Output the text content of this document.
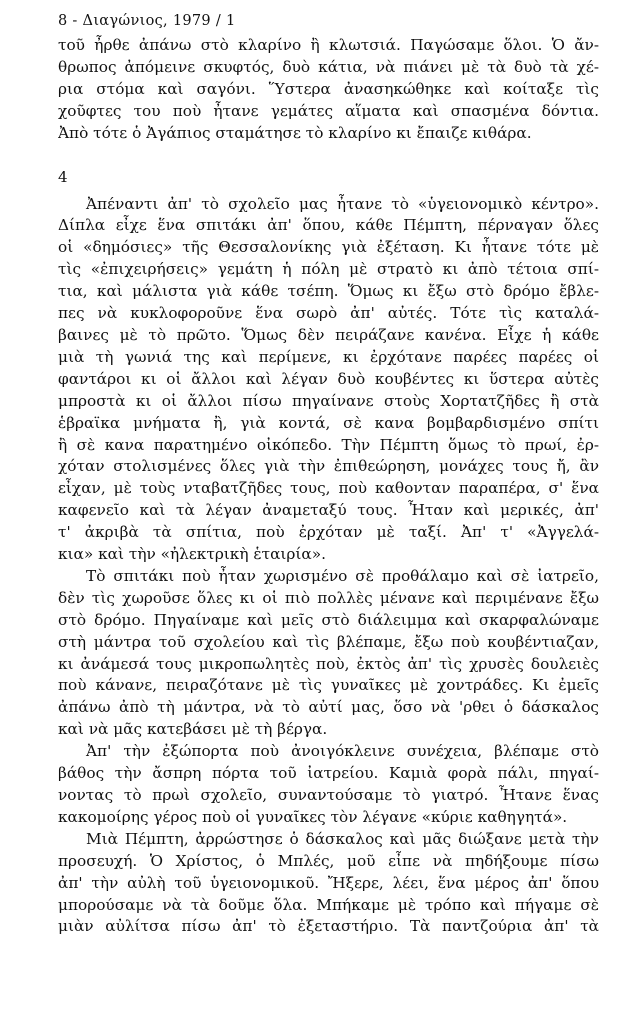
8 - Διαγώνιος, 1979 / 1
τοῦ ἦρθε ἀπάνω στὸ κλαρίνο ἢ κλωτσιά. Παγώσαμε ὅλοι. Ὁ ἄν-
θρωπος ἀπόμεινε σκυφτός, δυὸ κάτια, νὰ πιάνει μὲ τὰ δυὸ τὰ χέ-
ρια στόμα καὶ σαγόνι. Ὕστερα ἀνασηκώθηκε καὶ κοίταξε τὶς
χοῦφτες του ποὺ ἦτανε γεμάτες αἵματα καὶ σπασμένα δόντια.
Ἀπὸ τότε ὁ Ἀγάπιος σταμάτησε τὸ κλαρίνο κι ἔπαιζε κιθάρα.
4
Ἀπέναντι ἀπ' τὸ σχολεῖο μας ἦτανε τὸ «ὑγειονομικὸ κέντρο».
Δίπλα εἶχε ἕνα σπιτάκι ἀπ' ὅπου, κάθε Πέμπτη, πέρναγαν ὅλες
οἱ «δημόσιες» τῆς Θεσσαλονίκης γιὰ ἐξέταση. Κι ἦτανε τότε μὲ
τὶς «ἐπιχειρήσεις» γεμάτη ἡ πόλη μὲ στρατὸ κι ἀπὸ τέτοια σπί-
τια, καὶ μάλιστα γιὰ κάθε τσέπη. Ὅμως κι ἔξω στὸ δρόμο ἔβλε-
πες νὰ κυκλοφοροῦνε ἕνα σωρὸ ἀπ' αὐτές. Τότε τὶς καταλά-
βαινες μὲ τὸ πρῶτο. Ὅμως δὲν πειράζανε κανένα. Εἶχε ἡ κάθε
μιὰ τὴ γωνιά της καὶ περίμενε, κι ἐρχότανε παρέες παρέες οἱ
φαντάροι κι οἱ ἄλλοι καὶ λέγαν δυὸ κουβέντες κι ὕστερα αὐτὲς
μπροστὰ κι οἱ ἄλλοι πίσω πηγαίνανε στοὺς Χορτατζῆδες ἢ στὰ
ἑβραϊκα μνήματα ἢ, γιὰ κοντά, σὲ κανα βομβαρδισμένο σπίτι
ἢ σὲ κανα παρατημένο οἰκόπεδο. Τὴν Πέμπτη ὅμως τὸ πρωί, ἐρ-
χόταν στολισμένες ὅλες γιὰ τὴν ἐπιθεώρηση, μονάχες τους ἤ, ἂν
εἶχαν, μὲ τοὺς νταβατζῆδες τους, ποὺ καθονταν παραπέρα, σ' ἕνα
καφενεῖο καὶ τὰ λέγαν ἀναμεταξύ τους. Ἦταν καὶ μερικές, ἀπ'
τ' ἀκριβὰ τὰ σπίτια, ποὺ ἐρχόταν μὲ ταξί. Ἀπ' τ' «Ἀγγελά-
κια» καὶ τὴν «ἠλεκτρικὴ ἑταιρία».
Τὸ σπιτάκι ποὺ ἦταν χωρισμένο σὲ προθάλαμο καὶ σὲ ἰατρεῖο,
δὲν τὶς χωροῦσε ὅλες κι οἱ πιὸ πολλὲς μένανε καὶ περιμένανε ἔξω
στὸ δρόμο. Πηγαίναμε καὶ μεῖς στὸ διάλειμμα καὶ σκαρφαλώναμε
στὴ μάντρα τοῦ σχολείου καὶ τὶς βλέπαμε, ἔξω ποὺ κουβέντιαζαν,
κι ἀνάμεσά τους μικροπωλητὲς ποὺ, ἐκτὸς ἀπ' τὶς χρυσὲς δουλειὲς
ποὺ κάνανε, πειραζότανε μὲ τὶς γυναῖκες μὲ χοντράδες. Κι ἐμεῖς
ἀπάνω ἀπὸ τὴ μάντρα, νὰ τὸ αὐτί μας, ὅσο νὰ 'ρθει ὁ δάσκαλος
καὶ νὰ μᾶς κατεβάσει μὲ τὴ βέργα.
Ἀπ' τὴν ἐξώπορτα ποὺ ἀνοιγόκλεινε συνέχεια, βλέπαμε στὸ
βάθος τὴν ἄσπρη πόρτα τοῦ ἰατρείου. Καμιὰ φορὰ πάλι, πηγαί-
νοντας τὸ πρωὶ σχολεῖο, συναντούσαμε τὸ γιατρό. Ἦτανε ἕνας
κακομοίρης γέρος ποὺ οἱ γυναῖκες τὸν λέγανε «κύριε καθηγητά».
Μιὰ Πέμπτη, ἀρρώστησε ὁ δάσκαλος καὶ μᾶς διώξανε μετὰ τὴν
προσευχή. Ὁ Χρίστος, ὁ Μπλές, μοῦ εἶπε νὰ πηδήξουμε πίσω
ἀπ' τὴν αὐλὴ τοῦ ὑγειονομικοῦ. Ἤξερε, λέει, ἕνα μέρος ἀπ' ὅπου
μπορούσαμε νὰ τὰ δοῦμε ὅλα. Μπήκαμε μὲ τρόπο καὶ πήγαμε σὲ
μιὰν αὐλίτσα πίσω ἀπ' τὸ ἐξεταστήριο. Τὰ παντζούρια ἀπ' τὰ
